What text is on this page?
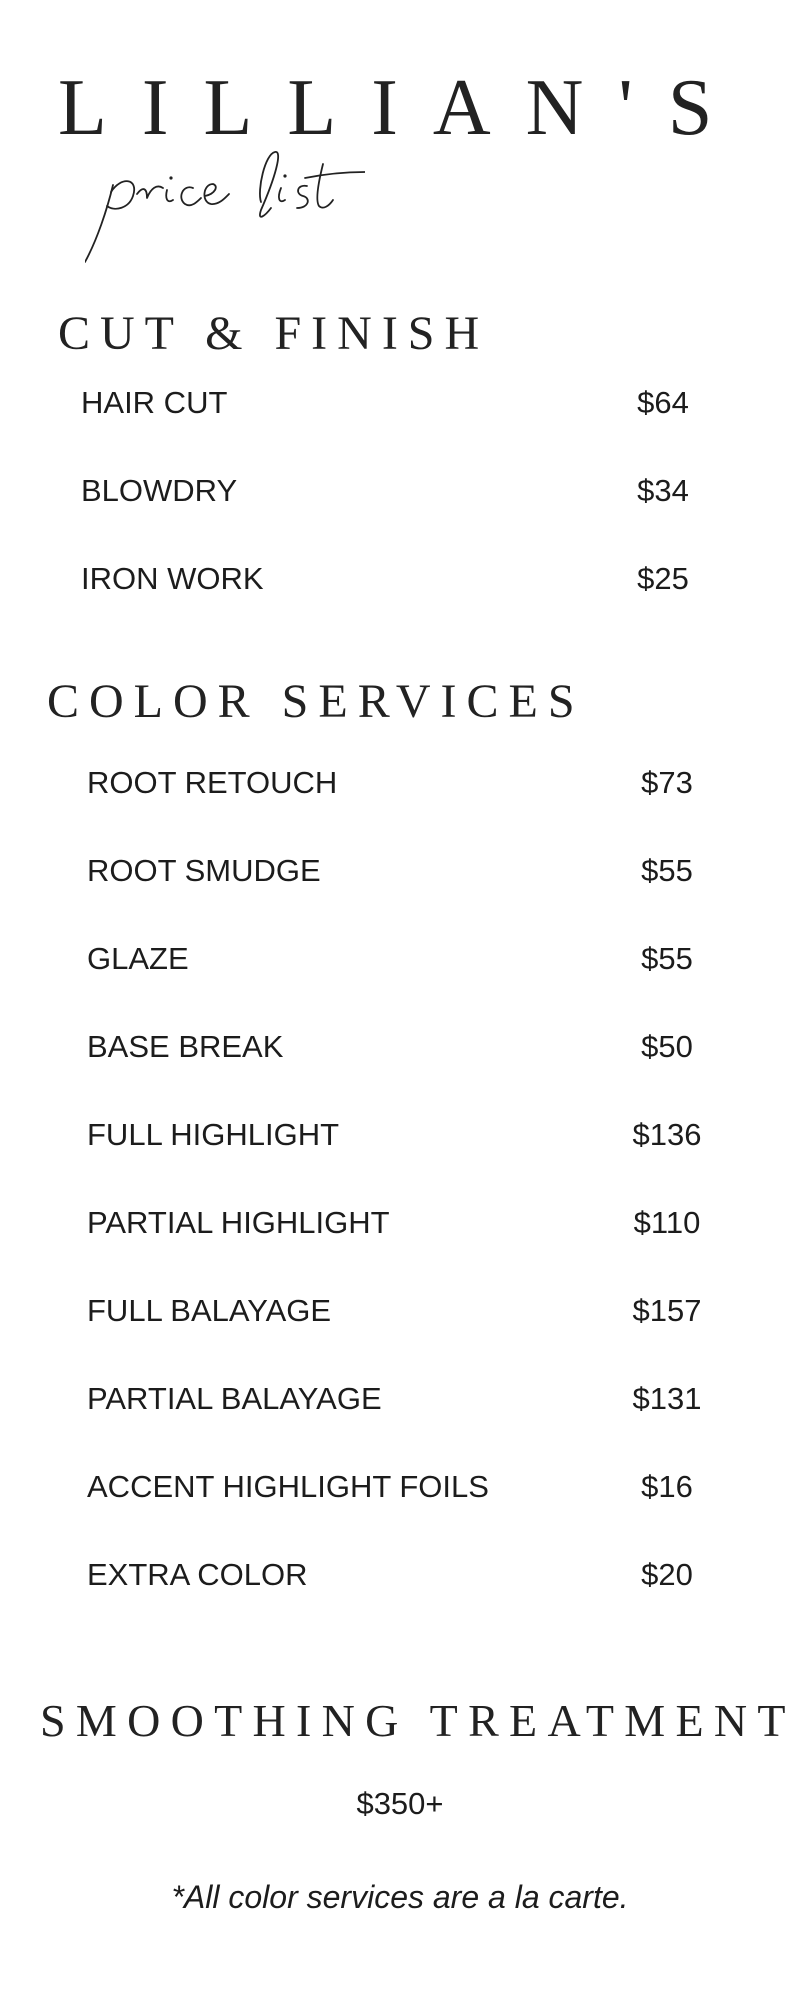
LILLIAN'S
CUT & FINISH
HAIR CUT	$64
BLOWDRY	$34
IRON WORK	$25
COLOR SERVICES
ROOT RETOUCH	$73
ROOT SMUDGE	$55
GLAZE	$55
BASE BREAK	$50
FULL HIGHLIGHT	$136
PARTIAL HIGHLIGHT	$110
FULL BALAYAGE	$157
PARTIAL BALAYAGE	$131
ACCENT HIGHLIGHT FOILS	$16
EXTRA COLOR	$20
SMOOTHING TREATMENT
$350+
*All color services are a la carte.
